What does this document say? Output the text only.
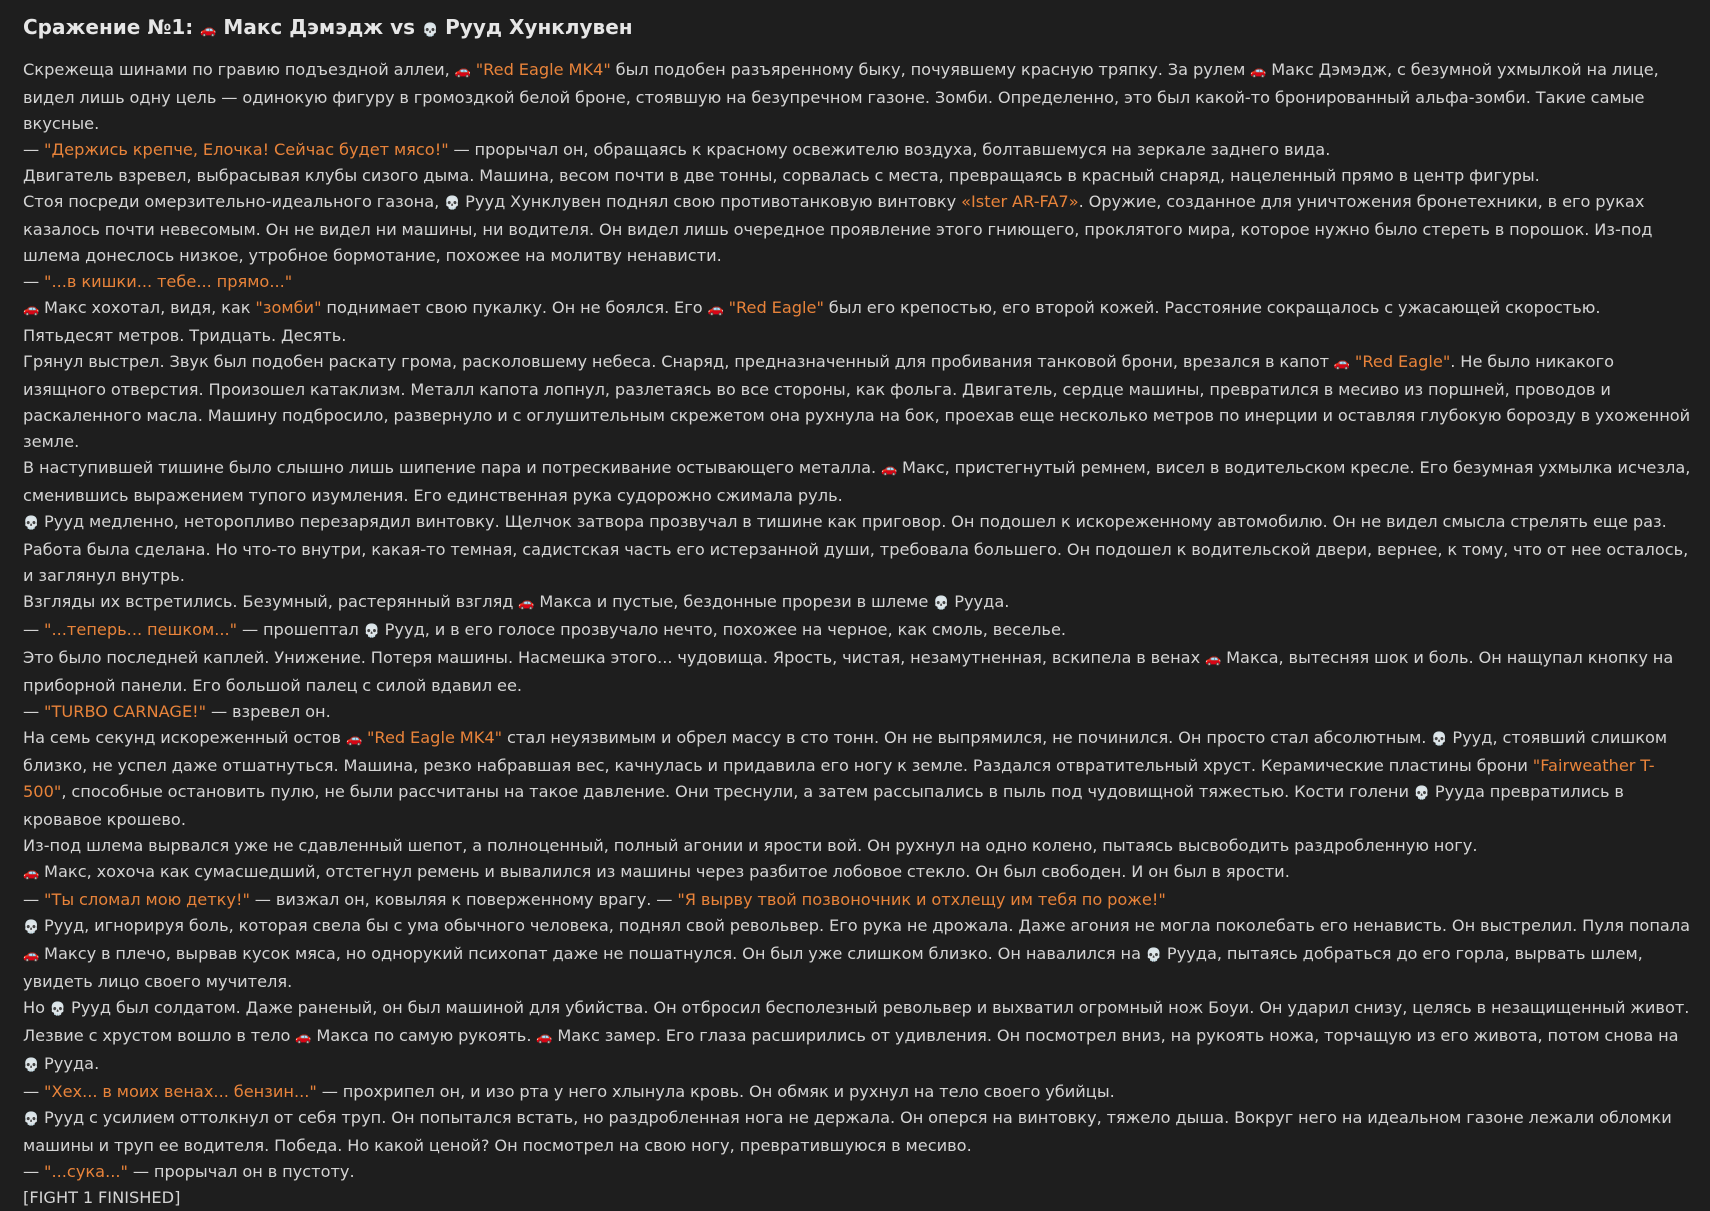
Сражение №1: 🚗 Макс Дэмэдж vs 💀 Рууд Хунклувен
Скрежеща шинами по гравию подъездной аллеи, 🚗 "Red Eagle MK4" был подобен разъяренному быку, почуявшему красную тряпку. За рулем 🚗 Макс Дэмэдж, с безумной ухмылкой на лице, видел лишь одну цель — одинокую фигуру в громоздкой белой броне, стоявшую на безупречном газоне. Зомби. Определенно, это был какой-то бронированный альфа-зомби. Такие самые вкусные.
— "Держись крепче, Елочка! Сейчас будет мясо!" — прорычал он, обращаясь к красному освежителю воздуха, болтавшемуся на зеркале заднего вида.
Двигатель взревел, выбрасывая клубы сизого дыма. Машина, весом почти в две тонны, сорвалась с места, превращаясь в красный снаряд, нацеленный прямо в центр фигуры.
Стоя посреди омерзительно-идеального газона, 💀 Рууд Хунклувен поднял свою противотанковую винтовку «Ister AR-FA7». Оружие, созданное для уничтожения бронетехники, в его руках казалось почти невесомым. Он не видел ни машины, ни водителя. Он видел лишь очередное проявление этого гниющего, проклятого мира, которое нужно было стереть в порошок. Из-под шлема донеслось низкое, утробное бормотание, похожее на молитву ненависти.
— "...в кишки... тебе... прямо..."
🚗 Макс хохотал, видя, как "зомби" поднимает свою пукалку. Он не боялся. Его 🚗 "Red Eagle" был его крепостью, его второй кожей. Расстояние сокращалось с ужасающей скоростью. Пятьдесят метров. Тридцать. Десять.
Грянул выстрел. Звук был подобен раскату грома, расколовшему небеса. Снаряд, предназначенный для пробивания танковой брони, врезался в капот 🚗 "Red Eagle". Не было никакого изящного отверстия. Произошел катаклизм. Металл капота лопнул, разлетаясь во все стороны, как фольга. Двигатель, сердце машины, превратился в месиво из поршней, проводов и раскаленного масла. Машину подбросило, развернуло и с оглушительным скрежетом она рухнула на бок, проехав еще несколько метров по инерции и оставляя глубокую борозду в ухоженной земле.
В наступившей тишине было слышно лишь шипение пара и потрескивание остывающего металла. 🚗 Макс, пристегнутый ремнем, висел в водительском кресле. Его безумная ухмылка исчезла, сменившись выражением тупого изумления. Его единственная рука судорожно сжимала руль.
💀 Рууд медленно, неторопливо перезарядил винтовку. Щелчок затвора прозвучал в тишине как приговор. Он подошел к искореженному автомобилю. Он не видел смысла стрелять еще раз. Работа была сделана. Но что-то внутри, какая-то темная, садистская часть его истерзанной души, требовала большего. Он подошел к водительской двери, вернее, к тому, что от нее осталось, и заглянул внутрь.
Взгляды их встретились. Безумный, растерянный взгляд 🚗 Макса и пустые, бездонные прорези в шлеме 💀 Рууда.
— "...теперь... пешком..." — прошептал 💀 Рууд, и в его голосе прозвучало нечто, похожее на черное, как смоль, веселье.
Это было последней каплей. Унижение. Потеря машины. Насмешка этого... чудовища. Ярость, чистая, незамутненная, вскипела в венах 🚗 Макса, вытесняя шок и боль. Он нащупал кнопку на приборной панели. Его большой палец с силой вдавил ее.
— "TURBO CARNAGE!" — взревел он.
На семь секунд искореженный остов 🚗 "Red Eagle MK4" стал неуязвимым и обрел массу в сто тонн. Он не выпрямился, не починился. Он просто стал абсолютным. 💀 Рууд, стоявший слишком близко, не успел даже отшатнуться. Машина, резко набравшая вес, качнулась и придавила его ногу к земле. Раздался отвратительный хруст. Керамические пластины брони "Fairweather T-500", способные остановить пулю, не были рассчитаны на такое давление. Они треснули, а затем рассыпались в пыль под чудовищной тяжестью. Кости голени 💀 Рууда превратились в кровавое крошево.
Из-под шлема вырвался уже не сдавленный шепот, а полноценный, полный агонии и ярости вой. Он рухнул на одно колено, пытаясь высвободить раздробленную ногу.
🚗 Макс, хохоча как сумасшедший, отстегнул ремень и вывалился из машины через разбитое лобовое стекло. Он был свободен. И он был в ярости.
— "Ты сломал мою детку!" — визжал он, ковыляя к поверженному врагу. — "Я вырву твой позвоночник и отхлещу им тебя по роже!"
💀 Рууд, игнорируя боль, которая свела бы с ума обычного человека, поднял свой револьвер. Его рука не дрожала. Даже агония не могла поколебать его ненависть. Он выстрелил. Пуля попала 🚗 Максу в плечо, вырвав кусок мяса, но однорукий психопат даже не пошатнулся. Он был уже слишком близко. Он навалился на 💀 Рууда, пытаясь добраться до его горла, вырвать шлем, увидеть лицо своего мучителя.
Но 💀 Рууд был солдатом. Даже раненый, он был машиной для убийства. Он отбросил бесполезный револьвер и выхватил огромный нож Боуи. Он ударил снизу, целясь в незащищенный живот. Лезвие с хрустом вошло в тело 🚗 Макса по самую рукоять. 🚗 Макс замер. Его глаза расширились от удивления. Он посмотрел вниз, на рукоять ножа, торчащую из его живота, потом снова на 💀 Рууда.
— "Хех... в моих венах... бензин..." — прохрипел он, и изо рта у него хлынула кровь. Он обмяк и рухнул на тело своего убийцы.
💀 Рууд с усилием оттолкнул от себя труп. Он попытался встать, но раздробленная нога не держала. Он оперся на винтовку, тяжело дыша. Вокруг него на идеальном газоне лежали обломки машины и труп ее водителя. Победа. Но какой ценой? Он посмотрел на свою ногу, превратившуюся в месиво.
— "...сука..." — прорычал он в пустоту.
[FIGHT 1 FINISHED]
